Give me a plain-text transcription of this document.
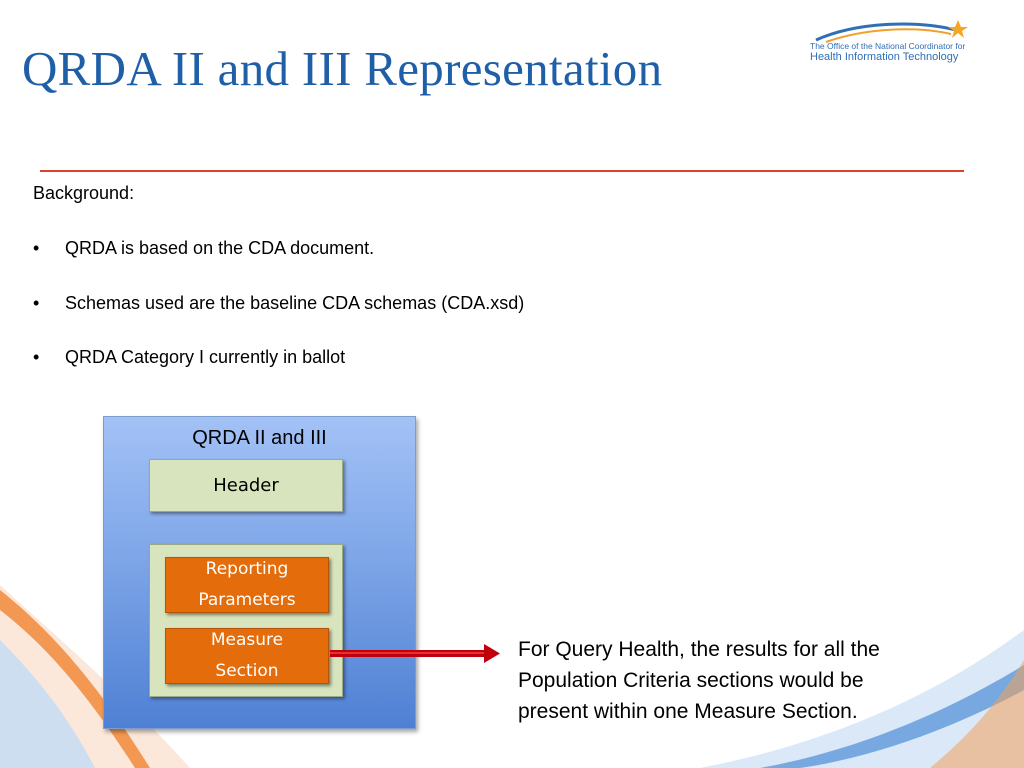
QRDA II and III Representation	The Office of the National Coordinator for
Health Information Technology
Background:
• QRDA is based on the CDA document.
• Schemas used are the baseline CDA schemas (CDA.xsd)
• QRDA Category I currently in ballot
QRDA II and III
Header
Reporting
Parameters
Measure
Section
For Query Health, the results for all the
Population Criteria sections would be
present within one Measure Section.
